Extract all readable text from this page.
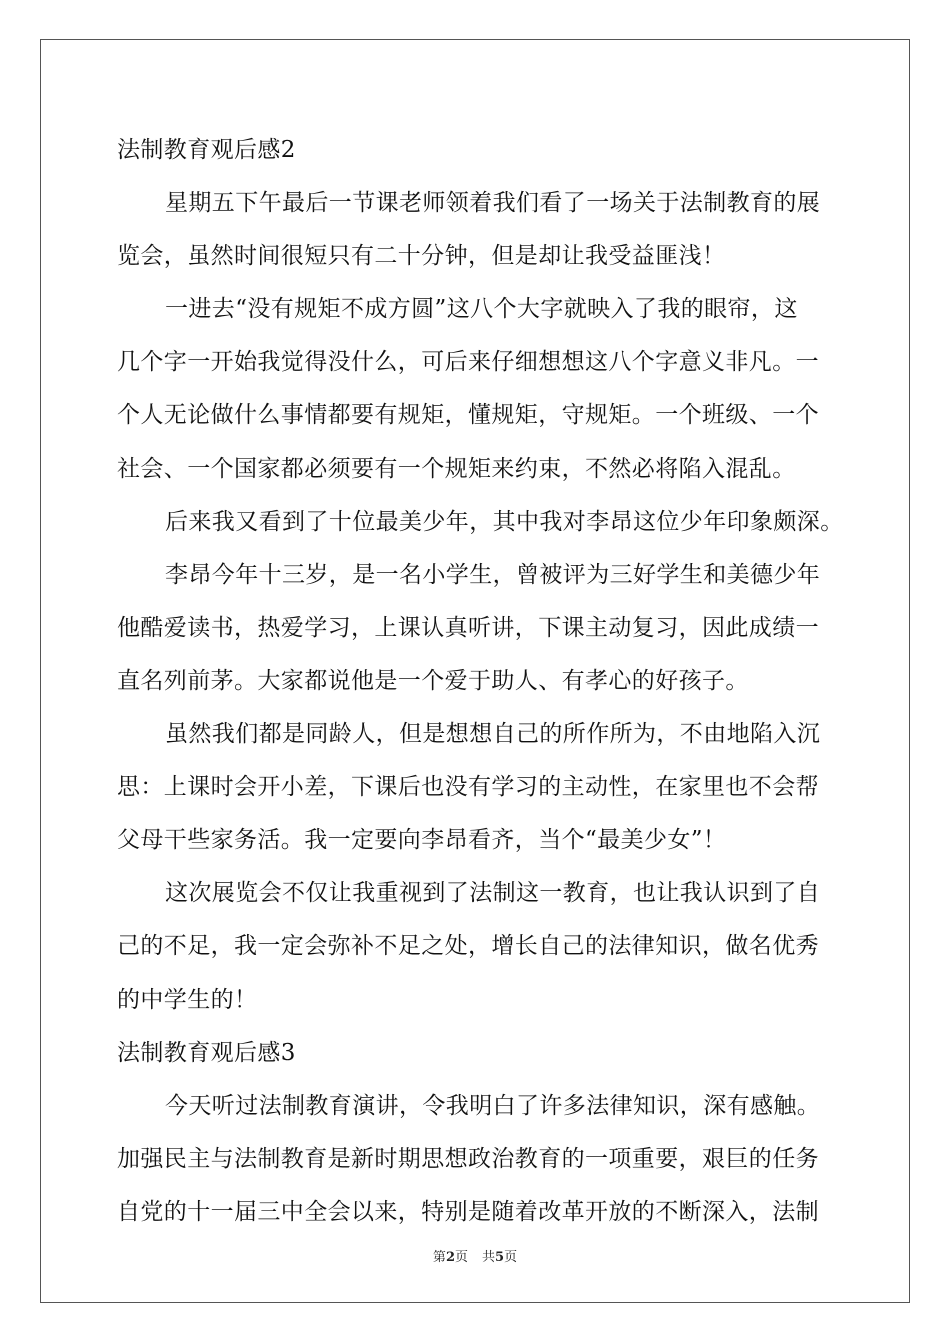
法制教育观后感2
星期五下午最后一节课老师领着我们看了一场关于法制教育的展
览会，虽然时间很短只有二十分钟，但是却让我受益匪浅！
一进去“没有规矩不成方圆”这八个大字就映入了我的眼帘，这
几个字一开始我觉得没什么，可后来仔细想想这八个字意义非凡。一
个人无论做什么事情都要有规矩，懂规矩，守规矩。一个班级、一个
社会、一个国家都必须要有一个规矩来约束，不然必将陷入混乱。
后来我又看到了十位最美少年，其中我对李昂这位少年印象颇深。
李昂今年十三岁，是一名小学生，曾被评为三好学生和美德少年
他酷爱读书，热爱学习，上课认真听讲，下课主动复习，因此成绩一
直名列前茅。大家都说他是一个爱于助人、有孝心的好孩子。
虽然我们都是同龄人，但是想想自己的所作所为，不由地陷入沉
思：上课时会开小差，下课后也没有学习的主动性，在家里也不会帮
父母干些家务活。我一定要向李昂看齐，当个“最美少女”！
这次展览会不仅让我重视到了法制这一教育，也让我认识到了自
己的不足，我一定会弥补不足之处，增长自己的法律知识，做名优秀
的中学生的！
法制教育观后感3
今天听过法制教育演讲，令我明白了许多法律知识，深有感触。
加强民主与法制教育是新时期思想政治教育的一项重要，艰巨的任务
自党的十一届三中全会以来，特别是随着改革开放的不断深入，法制
第2页 共5页
